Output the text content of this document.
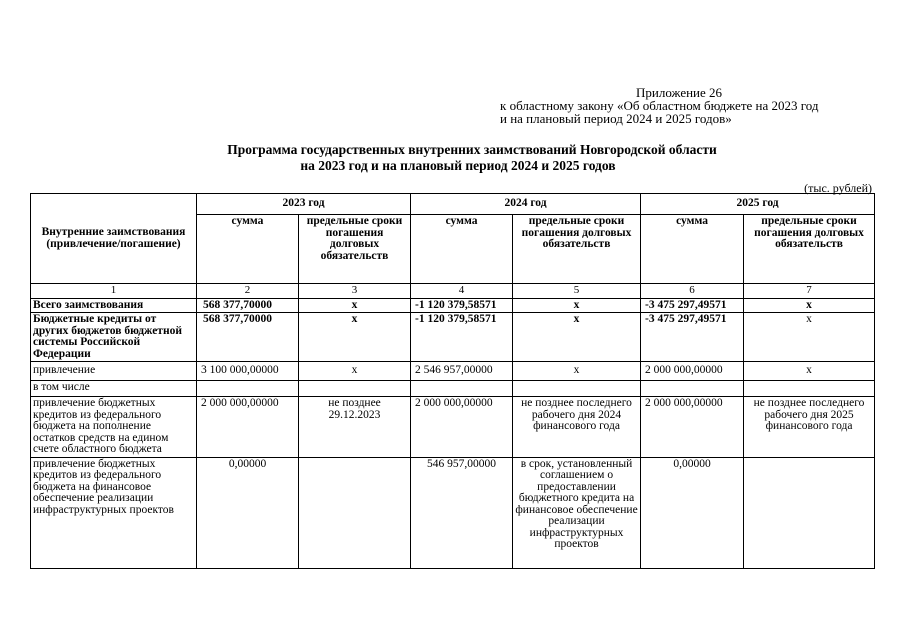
Приложение 26
к областному закону «Об областном бюджете на 2023 год
и на плановый период 2024 и 2025 годов»
Программа государственных внутренних заимствований Новгородской области
на 2023 год и на плановый период 2024 и 2025 годов
(тыс. рублей)
Внутренние заимствования (привлечение/погашение)	2023 год		2024 год		2025 год	
	сумма	предельные сроки погашения долговых обязательств	сумма	предельные сроки погашения долговых обязательств	сумма	предельные сроки погашения долговых обязательств
1	2	3	4	5	6	7
Всего заимствования	568 377,70000	x	-1 120 379,58571	x	-3 475 297,49571	x
Бюджетные кредиты от других бюджетов бюджетной системы Российской Федерации	568 377,70000	x	-1 120 379,58571	x	-3 475 297,49571	x
привлечение	3 100 000,00000	x	2 546 957,00000	x	2 000 000,00000	x
в том числе						
привлечение бюджетных кредитов из федерального бюджета на пополнение остатков средств на едином счете областного бюджета	2 000 000,00000	не позднее 29.12.2023	2 000 000,00000	не позднее последнего рабочего дня 2024 финансового года	2 000 000,00000	не позднее последнего рабочего дня 2025 финансового года
привлечение бюджетных кредитов из федерального бюджета на финансовое обеспечение реализации инфраструктурных проектов	0,00000		546 957,00000	в срок, установленный соглашением о предоставлении бюджетного кредита на финансовое обеспечение реализации инфраструктурных проектов	0,00000	
